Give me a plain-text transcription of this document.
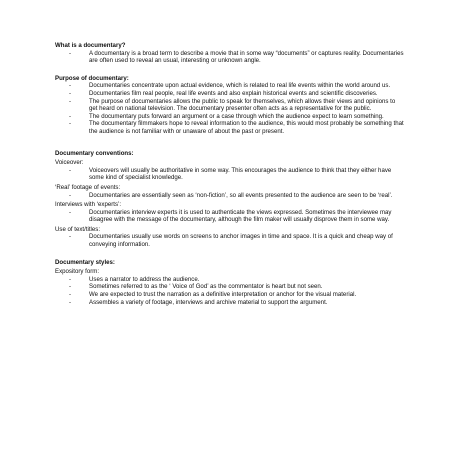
What is a documentary?

- A documentary is a broad term to describe a movie that in some way “documents” or captures reality. Documentaries are often used to reveal an usual, interesting or unknown angle.

Purpose of documentary:

- Documentaries concentrate upon actual evidence, which is related to real life events within the world around us.
- Documentaries film real people, real life events and also explain historical events and scientific discoveries.
- The purpose of documentaries allows the public to speak for themselves, which allows their views and opinions to get heard on national television. The documentary presenter often acts as a representative for the public.
- The documentary puts forward an argument or a case through which the audience expect to learn something.
- The documentary filmmakers hope to reveal information to the audience, this would most probably be something that the audience is not familiar with or unaware of about the past or present.

Documentary conventions:

Voiceover:

- Voiceovers will usually be authoritative in some way. This encourages the audience to think that they either have some kind of specialist knowledge.

‘Real’ footage of events:

- Documentaries are essentially seen as ‘non-fiction’, so all events presented to the audience are seen to be ‘real’.

Interviews with ‘experts’:

- Documentaries interview experts it is used to authenticate the views expressed. Sometimes the interviewee may disagree with the message of the documentary, although the film maker will usually disprove them in some way.

Use of text/titles:

- Documentaries usually use words on screens to anchor images in time and space. It is a quick and cheap way of conveying information.

Documentary styles:

Expository form:

- Uses a narrator to address the audience.
- Sometimes referred to as the ‘ Voice of God’ as the commentator is heart but not seen.
- We are expected to trust the narration as a definitive interpretation or anchor for the visual material.
- Assembles a variety of footage, interviews and archive material to support the argument.
